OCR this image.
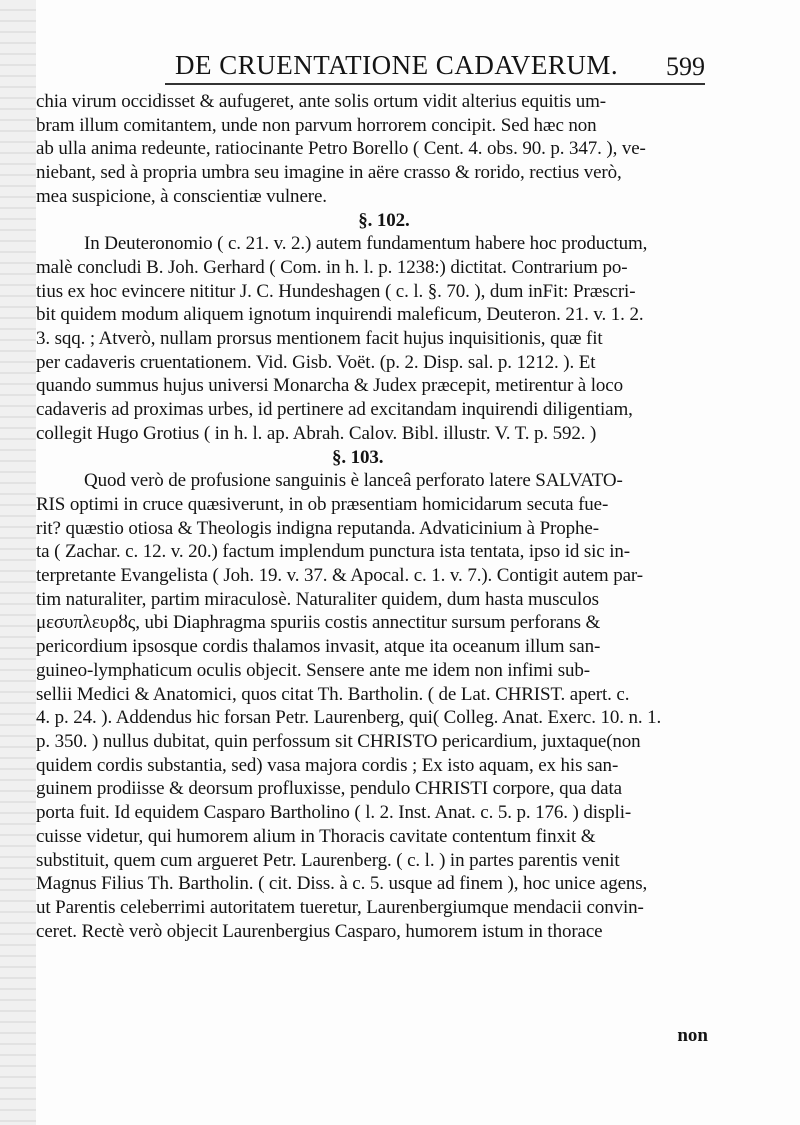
DE CRUENTATIONE CADAVERUM. 599
chia virum occidisset & aufugeret, ante solis ortum vidit alterius equitis um-
bram illum comitantem, unde non parvum horrorem concipit. Sed hæc non
ab ulla anima redeunte, ratiocinante Petro Borello ( Cent. 4. obs. 90. p. 347. ), ve-
niebant, sed à propria umbra seu imagine in aëre crasso & rorido, rectius verò,
mea suspicione, à conscientiæ vulnere.
§. 102.
In Deuteronomio ( c. 21. v. 2.) autem fundamentum habere hoc productum,
malè concludi B. Joh. Gerhard ( Com. in h. l. p. 1238:) dictitat. Contrarium po-
tius ex hoc evincere nititur J. C. Hundeshagen ( c. l. §. 70. ), dum inFit: Præscri-
bit quidem modum aliquem ignotum inquirendi maleficum, Deuteron. 21. v. 1. 2.
3. sqq. ; Atverò, nullam prorsus mentionem facit hujus inquisitionis, quæ fit
per cadaveris cruentationem. Vid. Gisb. Voët. (p. 2. Disp. sal. p. 1212. ). Et
quando summus hujus universi Monarcha & Judex præcepit, metirentur à loco
cadaveris ad proximas urbes, id pertinere ad excitandam inquirendi diligentiam,
collegit Hugo Grotius ( in h. l. ap. Abrah. Calov. Bibl. illustr. V. T. p. 592. )
§. 103.
Quod verò de profusione sanguinis è lanceâ perforato latere SALVATO-
RIS optimi in cruce quæsiverunt, in ob præsentiam homicidarum secuta fue-
rit? quæstio otiosa & Theologis indigna reputanda. Advaticinium à Prophe-
ta ( Zachar. c. 12. v. 20.) factum implendum punctura ista tentata, ipso id sic in-
terpretante Evangelista ( Joh. 19. v. 37. & Apocal. c. 1. v. 7.). Contigit autem par-
tim naturaliter, partim miraculosè. Naturaliter quidem, dum hasta musculos
μεσυπλευρȣς, ubi Diaphragma spuriis costis annectitur sursum perforans &
pericordium ipsosque cordis thalamos invasit, atque ita oceanum illum san-
guineo-lymphaticum oculis objecit. Sensere ante me idem non infimi sub-
sellii Medici & Anatomici, quos citat Th. Bartholin. ( de Lat. CHRIST. apert. c.
4. p. 24. ). Addendus hic forsan Petr. Laurenberg, qui( Colleg. Anat. Exerc. 10. n. 1.
p. 350. ) nullus dubitat, quin perfossum sit CHRISTO pericardium, juxtaque(non
quidem cordis substantia, sed) vasa majora cordis ; Ex isto aquam, ex his san-
guinem prodiisse & deorsum profluxisse, pendulo CHRISTI corpore, qua data
porta fuit. Id equidem Caspаro Bartholino ( l. 2. Inst. Anat. c. 5. p. 176. ) displi-
cuisse videtur, qui humorem alium in Thoracis cavitate contentum finxit &
substituit, quem cum argueret Petr. Laurenberg. ( c. l. ) in partes parentis venit
Magnus Filius Th. Bartholin. ( cit. Diss. à c. 5. usque ad finem ), hoc unice agens,
ut Parentis celeberrimi autoritatem tueretur, Laurenbergiumque mendacii convin-
ceret. Rectè verò objecit Laurenbergius Casparo, humorem istum in thorace
non
